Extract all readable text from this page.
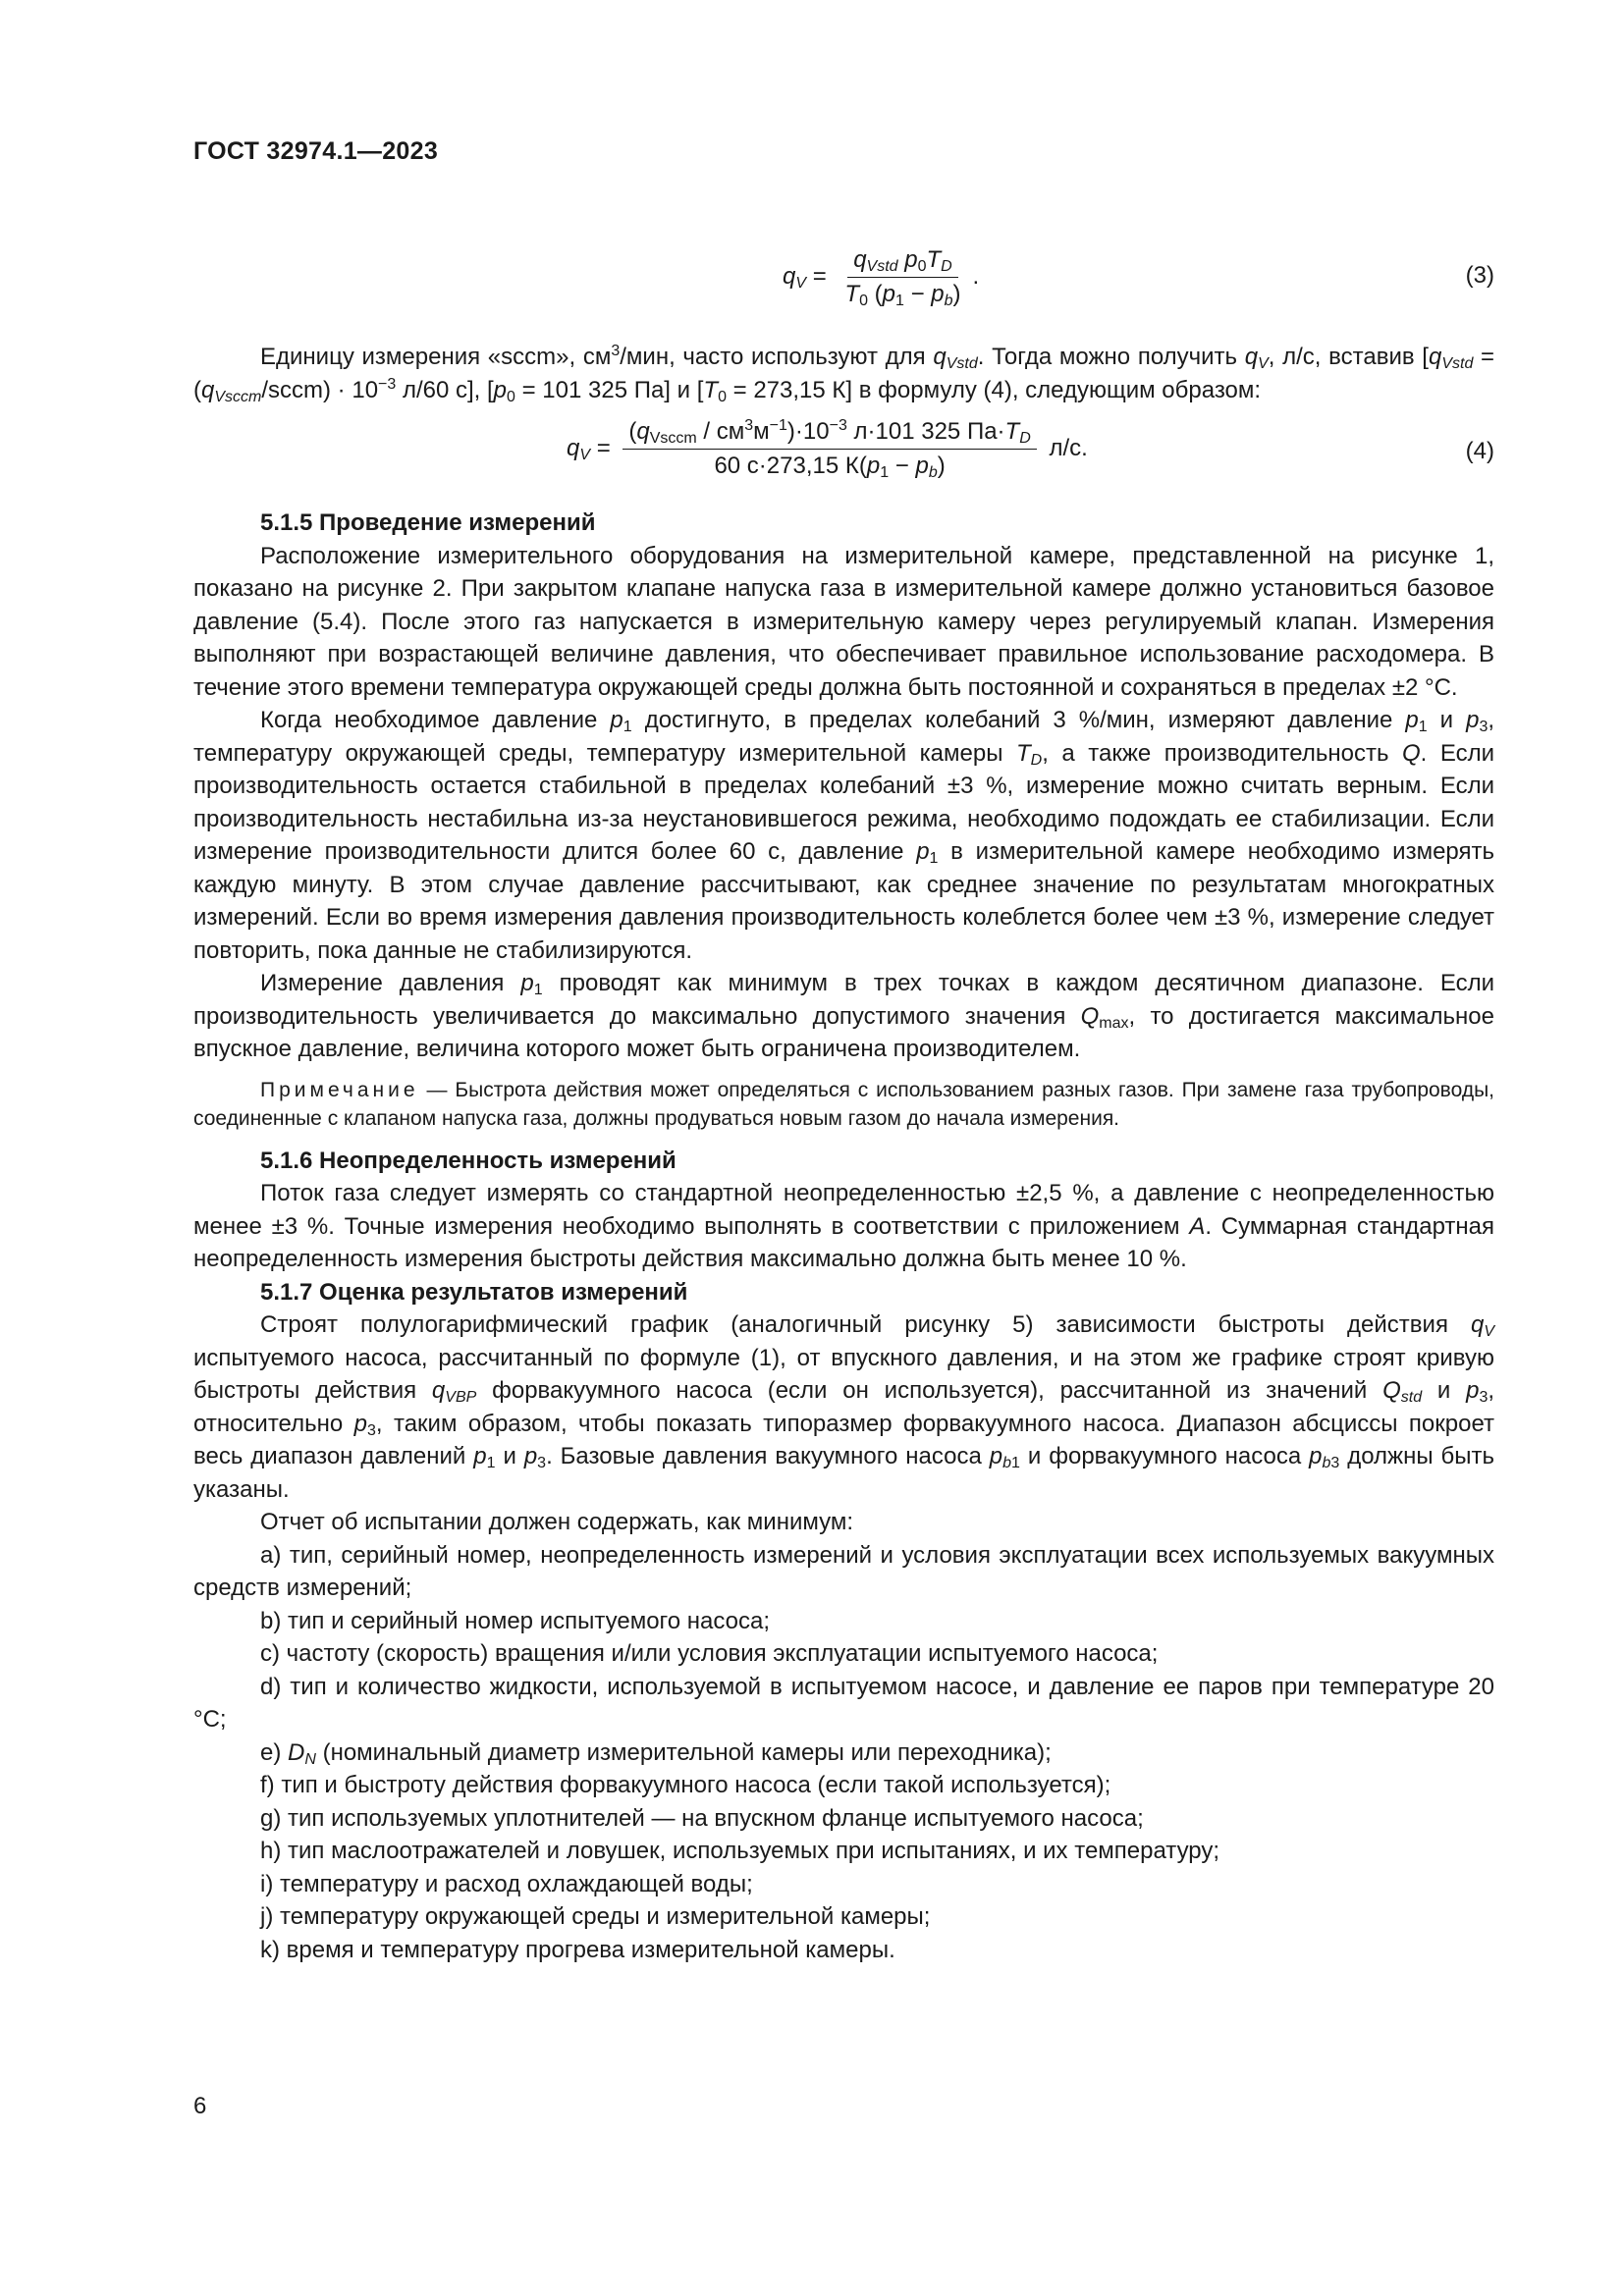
ГОСТ 32974.1—2023
$q_V = \frac{q_{Vstd} p_0T_D}{T_0 (p_1 - p_b)}$ .	(3)

Единицу измерения «sccm», $см^3$/мин, часто используют для $q_{Vstd}$. Тогда можно получить $q_V$, л/с, вставив [$q_{Vstd}$ = $(q_{Vsccm}/sccm) \cdot 10^{-3}$ л/60 с], [$p_0 = 101$ 325 Па] и [$T_0 = 273,15$ К] в формулу (4), следующим образом:

$q_V = \frac{(q_{Vsccm} / см^3м^{-1})\cdot 10^{-3} л\cdot 101 325 Па\cdot T_D}{60 с\cdot 273,15 К(p_1 - p_b)} л/с$.	(4)
5.1.5 Проведение измерений

Расположение измерительного оборудования на измерительной камере, представленной на рисунке 1, показано на рисунке 2. При закрытом клапане напуска газа в измерительной камере должно установиться базовое давление (5.4). После этого газ напускается в измерительную камеру через регулируемый клапан. Измерения выполняют при возрастающей величине давления, что обеспечивает правильное использование расходомера. В течение этого времени температура окружающей среды должна быть постоянной и сохраняться в пределах ±2 °С.

Когда необходимое давление $p_1$ достигнуто, в пределах колебаний 3 %/мин, измеряют давление $p_1$ и $p_3$, температуру окружающей среды, температуру измерительной камеры $T_D$, а также производительность Q. Если производительность остается стабильной в пределах колебаний ±3 %, измерение можно считать верным. Если производительность нестабильна из-за неустановившегося режима, необходимо подождать ее стабилизации. Если измерение производительности длится более 60 с, давление $p_1$ в измерительной камере необходимо измерять каждую минуту. В этом случае давление рассчитывают, как среднее значение по результатам многократных измерений. Если во время измерения давления производительность колеблется более чем ±3 %, измерение следует повторить, пока данные не стабилизируются.

Измерение давления $p_1$ проводят как минимум в трех точках в каждом десятичном диапазоне. Если производительность увеличивается до максимально допустимого значения $Q_{max}$, то достигается максимальное впускное давление, величина которого может быть ограничена производителем.

Примечание — Быстрота действия может определяться с использованием разных газов. При замене газа трубопроводы, соединенные с клапаном напуска газа, должны продуваться новым газом до начала измерения.

5.1.6 Неопределенность измерений

Поток газа следует измерять со стандартной неопределенностью ±2,5 %, а давление с неопределенностью менее ±3 %. Точные измерения необходимо выполнять в соответствии с приложением А. Суммарная стандартная неопределенность измерения быстроты действия максимально должна быть менее 10 %.

5.1.7 Оценка результатов измерений

Строят полулогарифмический график (аналогичный рисунку 5) зависимости быстроты действия $q_V$ испытуемого насоса, рассчитанный по формуле (1), от впускного давления, и на этом же графике строят кривую быстроты действия $q_{VBP}$ форвакуумного насоса (если он используется), рассчитанной из значений $Q_{std}$ и $p_3$, относительно $p_3$, таким образом, чтобы показать типоразмер форвакуумного насоса. Диапазон абсциссы покроет весь диапазон давлений $p_1$ и $p_3$. Базовые давления вакуумного насоса $p_{b1}$ и форвакуумного насоса $p_{b3}$ должны быть указаны.

Отчет об испытании должен содержать, как минимум:

a) тип, серийный номер, неопределенность измерений и условия эксплуатации всех используемых вакуумных средств измерений;

b) тип и серийный номер испытуемого насоса;

c) частоту (скорость) вращения и/или условия эксплуатации испытуемого насоса;

d) тип и количество жидкости, используемой в испытуемом насосе, и давление ее паров при температуре 20 °С;

e) $D_N$ (номинальный диаметр измерительной камеры или переходника);

f) тип и быстроту действия форвакуумного насоса (если такой используется);

g) тип используемых уплотнителей — на впускном фланце испытуемого насоса;

h) тип маслоотражателей и ловушек, используемых при испытаниях, и их температуру;

i) температуру и расход охлаждающей воды;

j) температуру окружающей среды и измерительной камеры;

k) время и температуру прогрева измерительной камеры.

6
